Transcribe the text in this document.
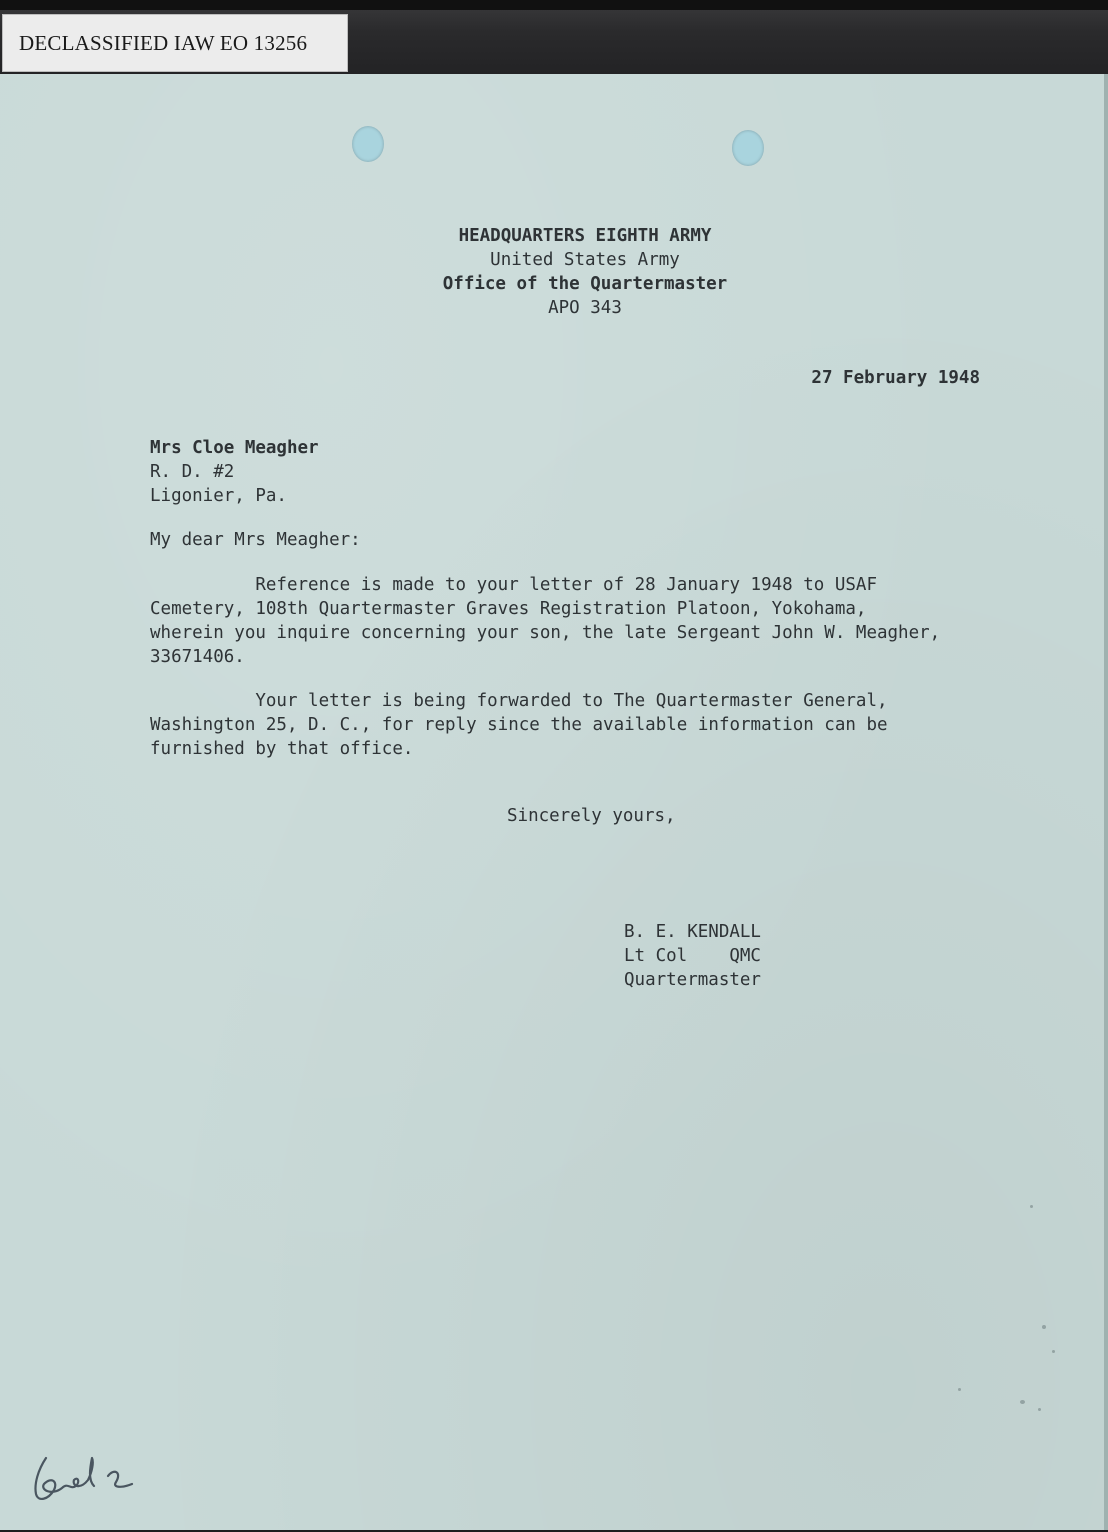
DECLASSIFIED IAW EO 13256
HEADQUARTERS EIGHTH ARMY
United States Army
Office of the Quartermaster
APO 343
27 February 1948
Mrs Cloe Meagher
R. D. #2
Ligonier, Pa.
My dear Mrs Meagher:
Reference is made to your letter of 28 January 1948 to USAF
Cemetery, 108th Quartermaster Graves Registration Platoon, Yokohama,
wherein you inquire concerning your son, the late Sergeant John W. Meagher,
33671406.
Your letter is being forwarded to The Quartermaster General,
Washington 25, D. C., for reply since the available information can be
furnished by that office.
Sincerely yours,
B. E. KENDALL
Lt Col    QMC
Quartermaster
